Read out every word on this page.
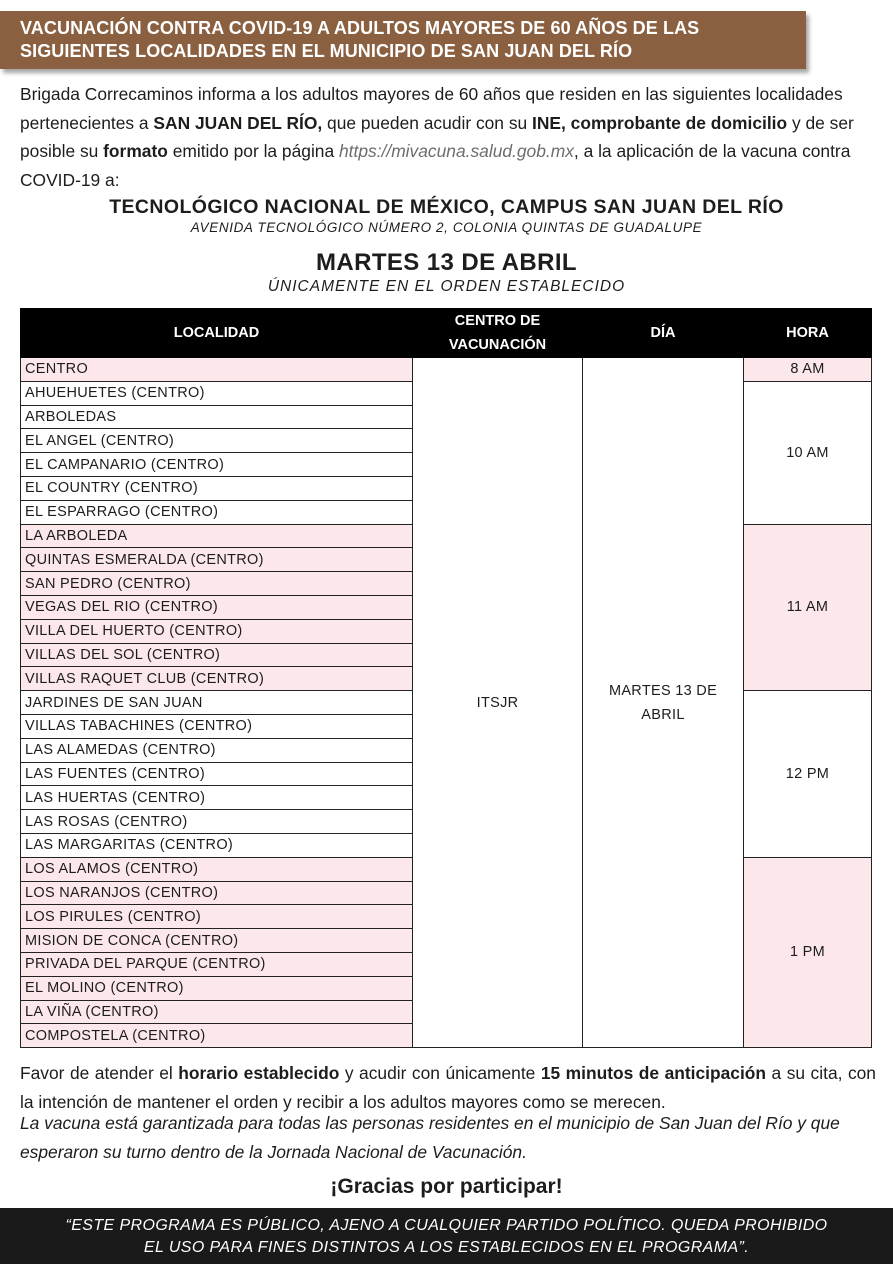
VACUNACIÓN CONTRA COVID-19 A ADULTOS MAYORES DE 60 AÑOS DE LAS
SIGUIENTES LOCALIDADES EN EL MUNICIPIO DE SAN JUAN DEL RÍO
Brigada Correcaminos informa a los adultos mayores de 60 años que residen en las siguientes localidades pertenecientes a SAN JUAN DEL RÍO, que pueden acudir con su INE, comprobante de domicilio y de ser posible su formato emitido por la página https://mivacuna.salud.gob.mx, a la aplicación de la vacuna contra COVID-19 a:
TECNOLÓGICO NACIONAL DE MÉXICO, CAMPUS SAN JUAN DEL RÍO
AVENIDA TECNOLÓGICO NÚMERO 2, COLONIA QUINTAS DE GUADALUPE
MARTES 13 DE ABRIL
ÚNICAMENTE EN EL ORDEN ESTABLECIDO
LOCALIDAD	CENTRO DE VACUNACIÓN	DÍA	HORA
CENTRO	ITSJR	MARTES 13 DE ABRIL	8 AM
AHUEHUETES (CENTRO)			10 AM
ARBOLEDAS			
EL ANGEL (CENTRO)			
EL CAMPANARIO (CENTRO)			
EL COUNTRY (CENTRO)			
EL ESPARRAGO (CENTRO)			
LA ARBOLEDA			11 AM
QUINTAS ESMERALDA (CENTRO)			
SAN PEDRO (CENTRO)			
VEGAS DEL RIO (CENTRO)			
VILLA DEL HUERTO (CENTRO)			
VILLAS DEL SOL (CENTRO)			
VILLAS RAQUET CLUB (CENTRO)			
JARDINES DE SAN JUAN			12 PM
VILLAS TABACHINES (CENTRO)			
LAS ALAMEDAS (CENTRO)			
LAS FUENTES (CENTRO)			
LAS HUERTAS (CENTRO)			
LAS ROSAS (CENTRO)			
LAS MARGARITAS (CENTRO)			
LOS ALAMOS (CENTRO)			1 PM
LOS NARANJOS (CENTRO)			
LOS PIRULES (CENTRO)			
MISION DE CONCA (CENTRO)			
PRIVADA DEL PARQUE (CENTRO)			
EL MOLINO (CENTRO)			
LA VIÑA (CENTRO)			
COMPOSTELA (CENTRO)			
Favor de atender el horario establecido y acudir con únicamente 15 minutos de anticipación a su cita, con la intención de mantener el orden y recibir a los adultos mayores como se merecen.
La vacuna está garantizada para todas las personas residentes en el municipio de San Juan del Río y que esperaron su turno dentro de la Jornada Nacional de Vacunación.
¡Gracias por participar!
“ESTE PROGRAMA ES PÚBLICO, AJENO A CUALQUIER PARTIDO POLÍTICO. QUEDA PROHIBIDO
EL USO PARA FINES DISTINTOS A LOS ESTABLECIDOS EN EL PROGRAMA”.
